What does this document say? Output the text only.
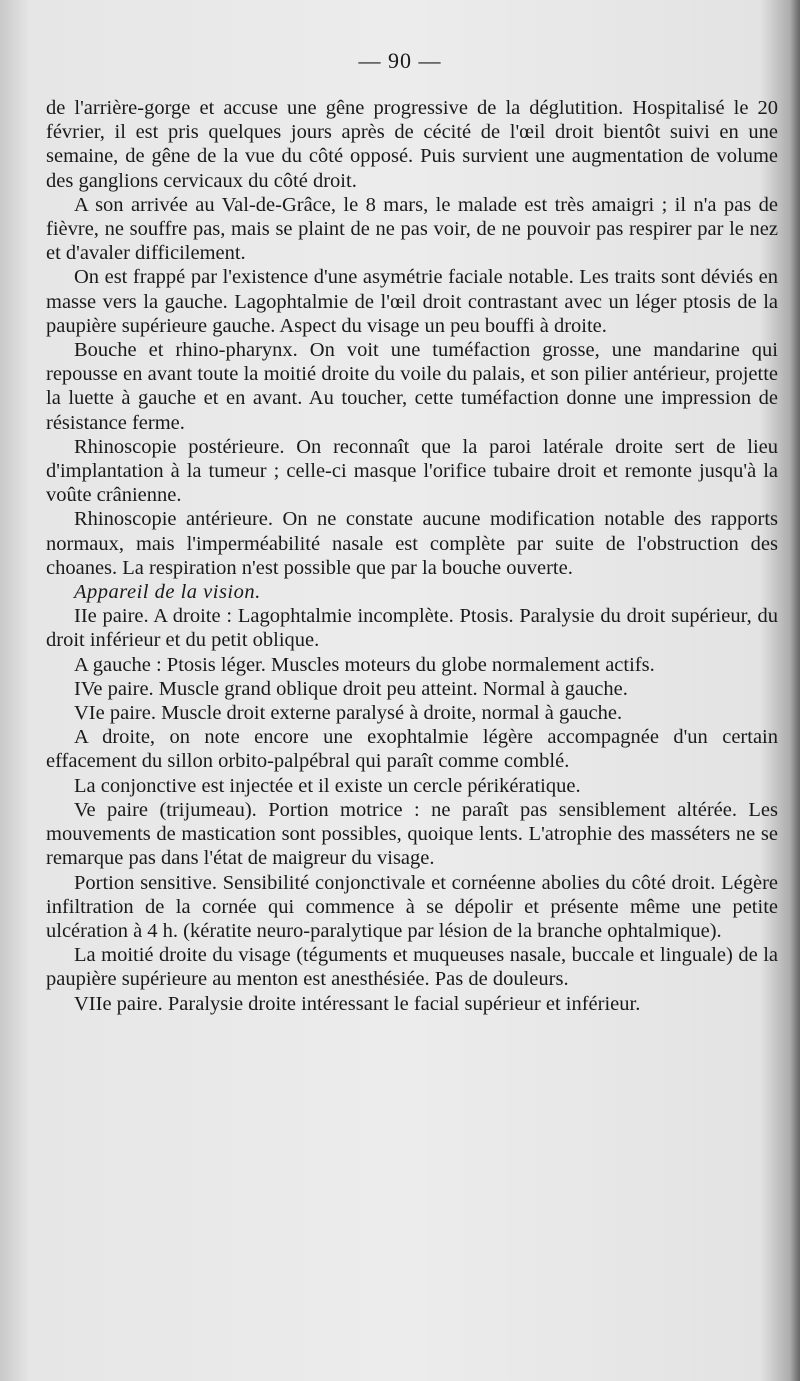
— 90 —

de l'arrière-gorge et accuse une gêne progressive de la déglutition. Hospitalisé le 20 février, il est pris quelques jours après de cécité de l'œil droit bientôt suivi en une semaine, de gêne de la vue du côté opposé. Puis survient une augmentation de volume des ganglions cervicaux du côté droit.

A son arrivée au Val-de-Grâce, le 8 mars, le malade est très amaigri ; il n'a pas de fièvre, ne souffre pas, mais se plaint de ne pas voir, de ne pouvoir pas respirer par le nez et d'avaler difficilement.

On est frappé par l'existence d'une asymétrie faciale notable. Les traits sont déviés en masse vers la gauche. Lagophtalmie de l'œil droit contrastant avec un léger ptosis de la paupière supérieure gauche. Aspect du visage un peu bouffi à droite.

Bouche et rhino-pharynx. On voit une tuméfaction grosse, une mandarine qui repousse en avant toute la moitié droite du voile du palais, et son pilier antérieur, projette la luette à gauche et en avant. Au toucher, cette tuméfaction donne une impression de résistance ferme.

Rhinoscopie postérieure. On reconnaît que la paroi latérale droite sert de lieu d'implantation à la tumeur ; celle-ci masque l'orifice tubaire droit et remonte jusqu'à la voûte crânienne.

Rhinoscopie antérieure. On ne constate aucune modification notable des rapports normaux, mais l'imperméabilité nasale est complète par suite de l'obstruction des choanes. La respiration n'est possible que par la bouche ouverte.

Appareil de la vision.

IIe paire. A droite : Lagophtalmie incomplète. Ptosis. Paralysie du droit supérieur, du droit inférieur et du petit oblique.

A gauche : Ptosis léger. Muscles moteurs du globe normalement actifs.

IVe paire. Muscle grand oblique droit peu atteint. Normal à gauche.

VIe paire. Muscle droit externe paralysé à droite, normal à gauche.

A droite, on note encore une exophtalmie légère accompagnée d'un certain effacement du sillon orbito-palpébral qui paraît comme comblé.

La conjonctive est injectée et il existe un cercle périkératique.

Ve paire (trijumeau). Portion motrice : ne paraît pas sensiblement altérée. Les mouvements de mastication sont possibles, quoique lents. L'atrophie des masséters ne se remarque pas dans l'état de maigreur du visage.

Portion sensitive. Sensibilité conjonctivale et cornéenne abolies du côté droit. Légère infiltration de la cornée qui commence à se dépolir et présente même une petite ulcération à 4 h. (kératite neuro-paralytique par lésion de la branche ophtalmique).

La moitié droite du visage (téguments et muqueuses nasale, buccale et linguale) de la paupière supérieure au menton est anesthésiée. Pas de douleurs.

VIIe paire. Paralysie droite intéressant le facial supérieur et inférieur.
